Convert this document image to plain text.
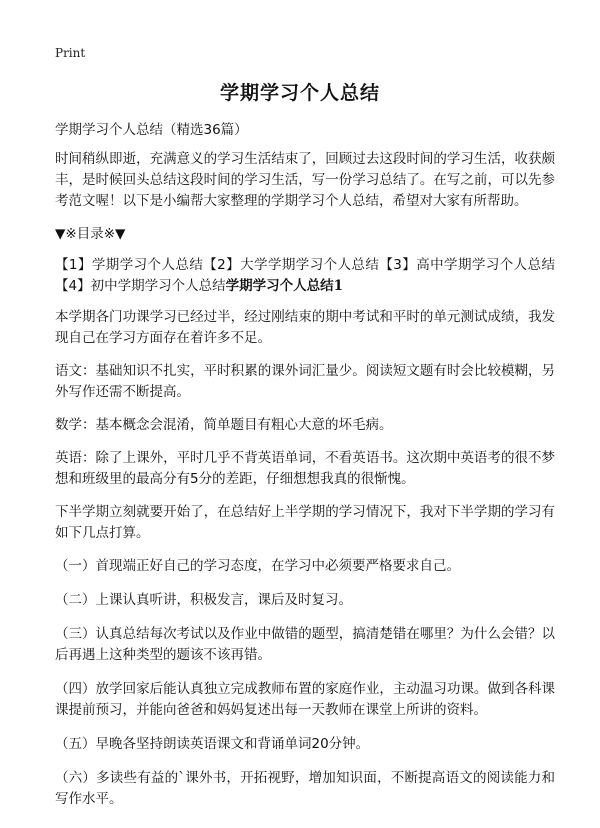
Print
学期学习个人总结

学期学习个人总结（精选36篇）

时间稍纵即逝，充满意义的学习生活结束了，回顾过去这段时间的学习生活，收获颇丰，是时候回头总结这段时间的学习生活，写一份学习总结了。在写之前，可以先参考范文喔！以下是小编帮大家整理的学期学习个人总结，希望对大家有所帮助。

▼※目录※▼

【1】学期学习个人总结【2】大学学期学习个人总结【3】高中学期学习个人总结【4】初中学期学习个人总结学期学习个人总结1

本学期各门功课学习已经过半，经过刚结束的期中考试和平时的单元测试成绩，我发现自己在学习方面存在着许多不足。

语文：基础知识不扎实，平时积累的课外词汇量少。阅读短文题有时会比较模糊，另外写作还需不断提高。

数学：基本概念会混淆，简单题目有粗心大意的坏毛病。

英语：除了上课外，平时几乎不背英语单词，不看英语书。这次期中英语考的很不梦想和班级里的最高分有5分的差距，仔细想想我真的很惭愧。

下半学期立刻就要开始了，在总结好上半学期的学习情况下，我对下半学期的学习有如下几点打算。

（一）首现端正好自己的学习态度，在学习中必须要严格要求自己。

（二）上课认真听讲，积极发言，课后及时复习。

（三）认真总结每次考试以及作业中做错的题型，搞清楚错在哪里？为什么会错？以后再遇上这种类型的题该不该再错。

（四）放学回家后能认真独立完成教师布置的家庭作业，主动温习功课。做到各科课课提前预习，并能向爸爸和妈妈复述出每一天教师在课堂上所讲的资料。

（五）早晚各坚持朗读英语课文和背诵单词20分钟。

（六）多读些有益的`课外书，开拓视野，增加知识面，不断提高语文的阅读能力和写作水平。
